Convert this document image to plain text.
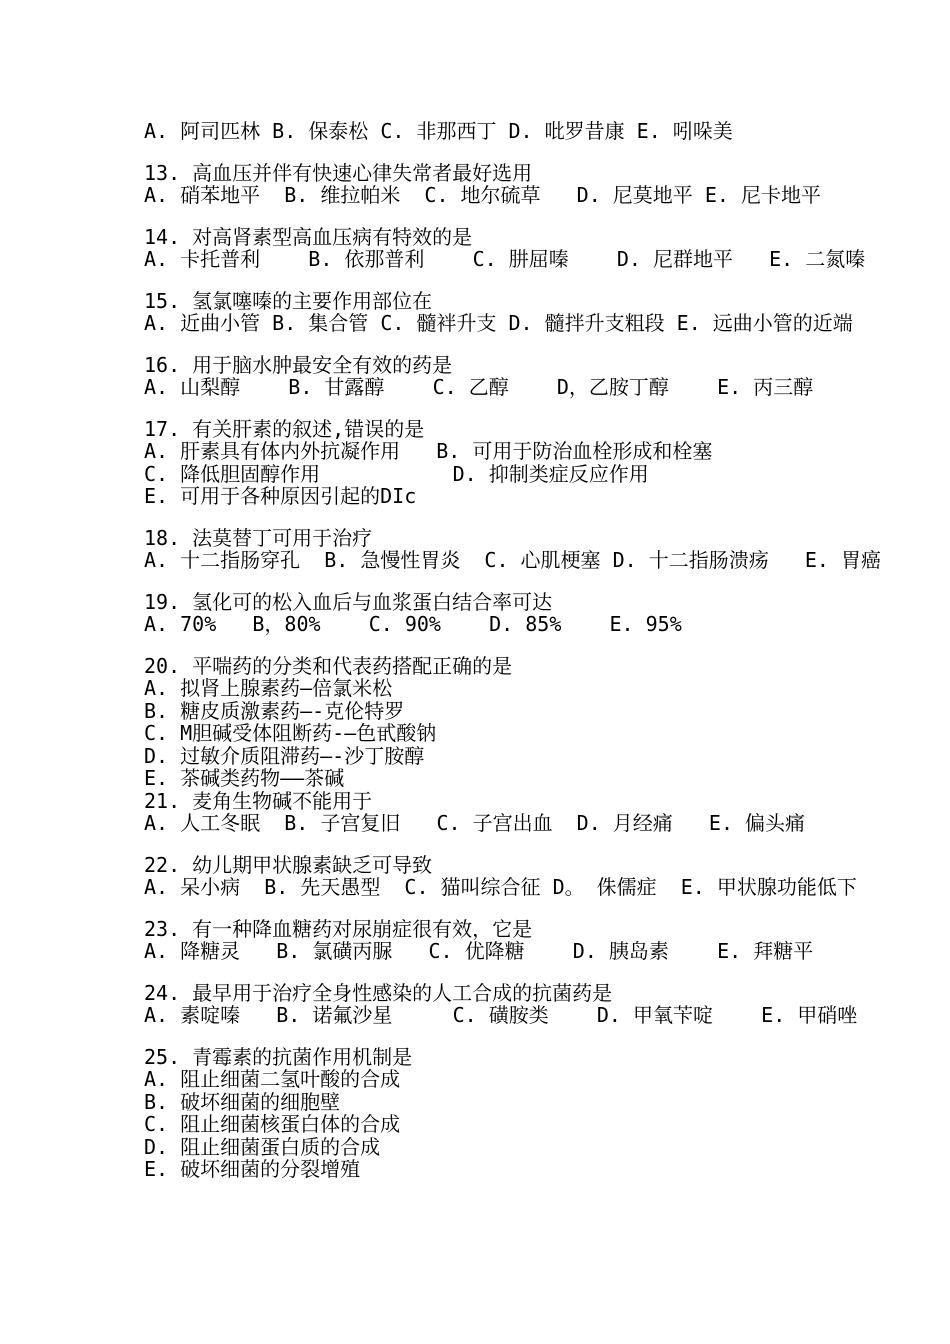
A. 阿司匹林 B. 保泰松 C. 非那西丁 D. 吡罗昔康 E. 吲哚美
13. 高血压并伴有快速心律失常者最好选用
A. 硝苯地平  B. 维拉帕米  C. 地尔硫草   D. 尼莫地平 E. 尼卡地平
14. 对高肾素型高血压病有特效的是
A. 卡托普利    B. 依那普利    C. 肼屈嗪    D. 尼群地平   E. 二氮嗪
15. 氢氯噻嗪的主要作用部位在
A. 近曲小管 B. 集合管 C. 髓袢升支 D. 髓拌升支粗段 E. 远曲小管的近端
16. 用于脑水肿最安全有效的药是
A. 山梨醇    B. 甘露醇    C. 乙醇    D，乙胺丁醇    E. 丙三醇
17. 有关肝素的叙述,错误的是
A. 肝素具有体内外抗凝作用   B. 可用于防治血栓形成和栓塞
C. 降低胆固醇作用           D. 抑制类症反应作用
E. 可用于各种原因引起的DIc
18. 法莫替丁可用于治疗
A. 十二指肠穿孔  B. 急慢性胃炎  C. 心肌梗塞 D. 十二指肠溃疡   E. 胃癌
19. 氢化可的松入血后与血浆蛋白结合率可达
A. 70%   B，80%    C. 90%    D. 85%    E. 95%
20. 平喘药的分类和代表药搭配正确的是
A. 拟肾上腺素药—倍氯米松
B. 糖皮质激素药—-克伦特罗
C. M胆碱受体阻断药-—色甙酸钠
D. 过敏介质阻滞药—-沙丁胺醇
E. 茶碱类药物——茶碱
21. 麦角生物碱不能用于
A. 人工冬眠  B. 子宫复旧   C. 子宫出血  D. 月经痛   E. 偏头痛
22. 幼儿期甲状腺素缺乏可导致
A. 呆小病  B. 先天愚型  C. 猫叫综合征 D。 侏儒症  E. 甲状腺功能低下
23. 有一种降血糖药对尿崩症很有效，它是
A. 降糖灵   B. 氯磺丙脲   C. 优降糖    D. 胰岛素    E. 拜糖平
24. 最早用于治疗全身性感染的人工合成的抗菌药是
A. 素啶嗪   B. 诺氟沙星     C. 磺胺类    D. 甲氧苄啶    E. 甲硝唑
25. 青霉素的抗菌作用机制是
A. 阻止细菌二氢叶酸的合成
B. 破坏细菌的细胞壁
C. 阻止细菌核蛋白体的合成
D. 阻止细菌蛋白质的合成
E. 破坏细菌的分裂增殖
